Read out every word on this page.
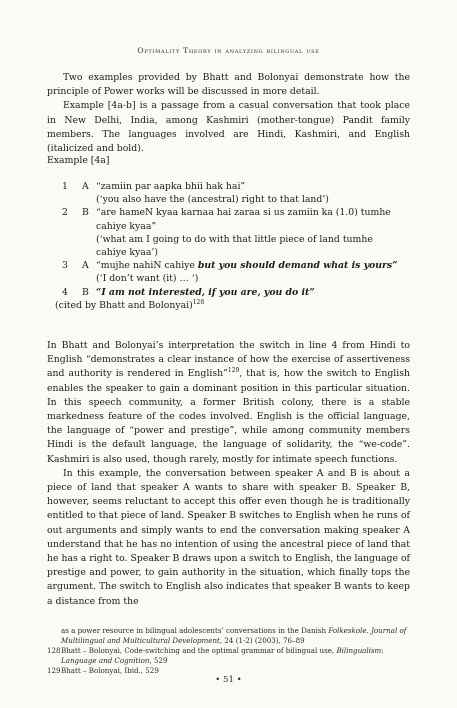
Optimality Theory in analyzing bilingual use

Two examples provided by Bhatt and Bolonyai demonstrate how the principle of Power works will be discussed in more detail.

Example [4a-b] is a passage from a casual conversation that took place in New Delhi, India, among Kashmiri (mother-tongue) Pandit family members. The languages involved are Hindi, Kashmiri, and English (italicized and bold).

Example [4a]

1	A “zamiin par aapka bhii hak hai”
(‘you also have the (ancestral) right to that land’)
2	B “are hameN kyaa karnaa hai zaraa si us zamiin ka (1.0) tumhe
cahiye kyaa”
(‘what am I going to do with that little piece of land tumhe
cahiye kyaa’)
3	A “mujhe nahiN cahiye but you should demand what is yours”
(‘I don’t want (it) … ‘)
4	B “I am not interested, if you are, you do it”
(cited by Bhatt and Bolonyai)$^{128}$

In Bhatt and Bolonyai’s interpretation the switch in line 4 from Hindi to English “demonstrates a clear instance of how the exercise of assertiveness and authority is rendered in English”$^{129}$, that is, how the switch to English enables the speaker to gain a dominant position in this particular situation. In this speech community, a former British colony, there is a stable markedness feature of the codes involved. English is the official language, the language of “power and prestige”, while among community members Hindi is the default language, the language of solidarity, the “we-code”. Kashmiri is also used, though rarely, mostly for intimate speech functions.

In this example, the conversation between speaker A and B is about a piece of land that speaker A wants to share with speaker B. Speaker B, however, seems reluctant to accept this offer even though he is traditionally entitled to that piece of land. Speaker B switches to English when he runs of out arguments and simply wants to end the conversation making speaker A understand that he has no intention of using the ancestral piece of land that he has a right to. Speaker B draws upon a switch to English, the language of prestige and power, to gain authority in the situation, which finally tops the argument. The switch to English also indicates that speaker B wants to keep a distance from the

as a power resource in bilingual adolescents’ conversations in the Danish Folkeskole. Journal of Multilingual and Multicultural Development, 24 (1-2) (2003), 76–89
128 Bhatt – Bolonyai, Code-switching and the optimal grammar of bilingual use, Bilingualism: Language and Cognition, 529
129 Bhatt – Bolonyai, Ibid., 529
• 51 •
